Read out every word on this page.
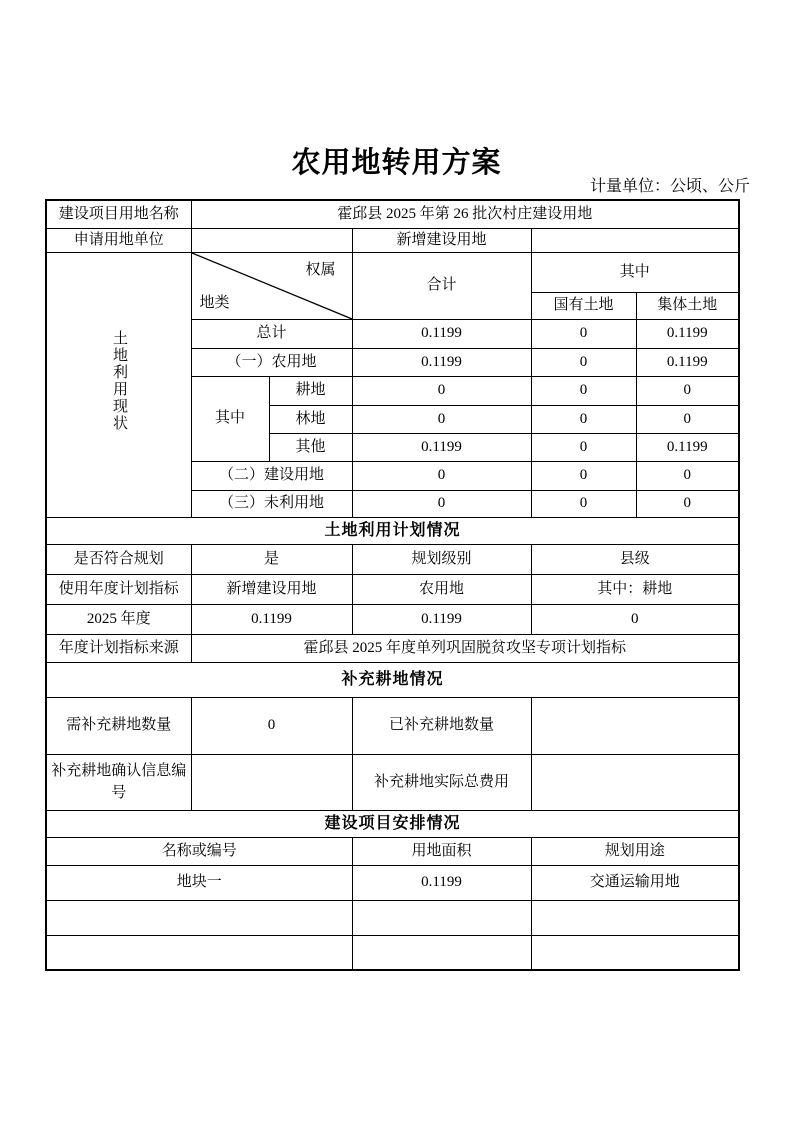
农用地转用方案
计量单位：公顷、公斤
建设项目用地名称	霍邱县 2025 年第 26 批次村庄建设用地				
申请用地单位			新增建设用地		
土地利用现状	权属
地类		合计	其中	
				国有土地	集体土地
	总计		0.1199	0	0.1199
	（一）农用地		0.1199	0	0.1199
	其中	耕地	0	0	0
		林地	0	0	0
		其他	0.1199	0	0.1199
	（二）建设用地		0	0	0
	（三）未利用地		0	0	0
土地利用计划情况					
是否符合规划	是		规划级别	县级	
使用年度计划指标	新增建设用地		农用地	其中：耕地	
2025 年度	0.1199		0.1199	0	
年度计划指标来源	霍邱县 2025 年度单列巩固脱贫攻坚专项计划指标				
补充耕地情况					
需补充耕地数量	0		已补充耕地数量		
补充耕地确认信息编号			补充耕地实际总费用		
建设项目安排情况					
名称或编号			用地面积	规划用途	
地块一			0.1199	交通运输用地	
